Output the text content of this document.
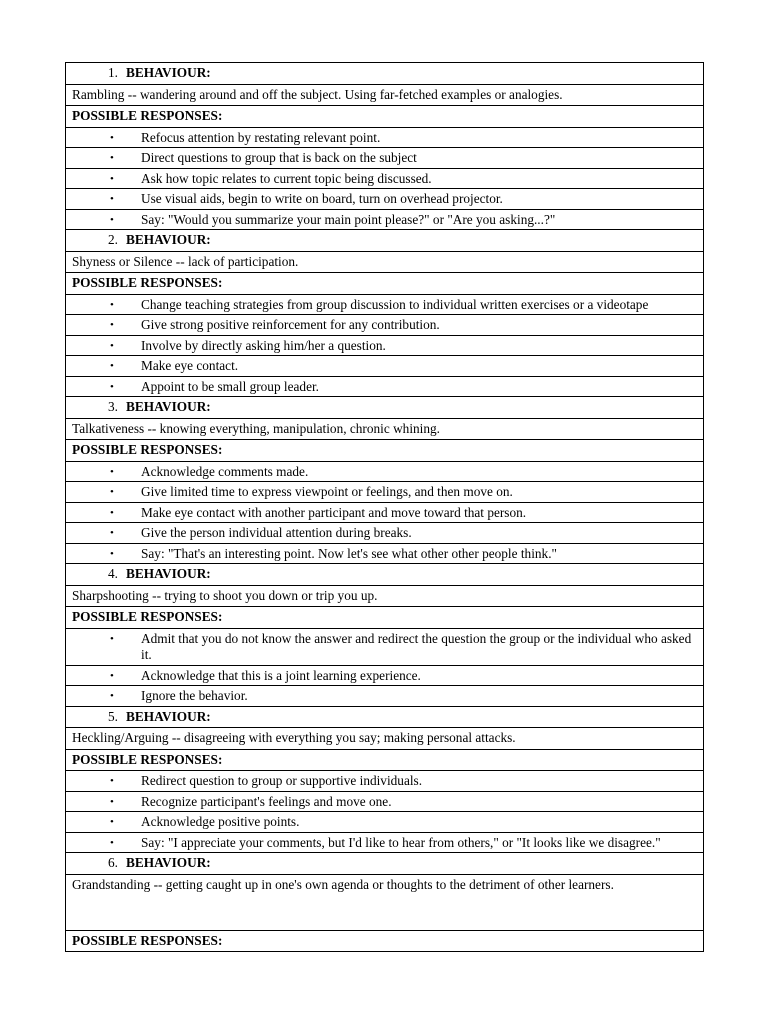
1. BEHAVIOUR:
Rambling -- wandering around and off the subject. Using far-fetched examples or analogies.
POSSIBLE RESPONSES:

•	Refocus attention by restating relevant point.

•	Direct questions to group that is back on the subject

•	Ask how topic relates to current topic being discussed.

•	Use visual aids, begin to write on board, turn on overhead projector.

•	Say: "Would you summarize your main point please?" or "Are you asking...?"

2. BEHAVIOUR:
Shyness or Silence -- lack of participation.
POSSIBLE RESPONSES:

•	Change teaching strategies from group discussion to individual written exercises or a videotape

•	Give strong positive reinforcement for any contribution.

•	Involve by directly asking him/her a question.

•	Make eye contact.

•	Appoint to be small group leader.

3. BEHAVIOUR:
Talkativeness -- knowing everything, manipulation, chronic whining.
POSSIBLE RESPONSES:

•	Acknowledge comments made.

•	Give limited time to express viewpoint or feelings, and then move on.

•	Make eye contact with another participant and move toward that person.

•	Give the person individual attention during breaks.

•	Say: "That's an interesting point. Now let's see what other other people think."

4. BEHAVIOUR:
Sharpshooting -- trying to shoot you down or trip you up.
POSSIBLE RESPONSES:

•	Admit that you do not know the answer and redirect the question the group or the individual who asked it.

•	Acknowledge that this is a joint learning experience.

•	Ignore the behavior.

5. BEHAVIOUR:
Heckling/Arguing -- disagreeing with everything you say; making personal attacks.
POSSIBLE RESPONSES:

•	Redirect question to group or supportive individuals.

•	Recognize participant's feelings and move one.

•	Acknowledge positive points.

•	Say: "I appreciate your comments, but I'd like to hear from others," or "It looks like we disagree."

6. BEHAVIOUR:
Grandstanding -- getting caught up in one's own agenda or thoughts to the detriment of other learners.
POSSIBLE RESPONSES:
